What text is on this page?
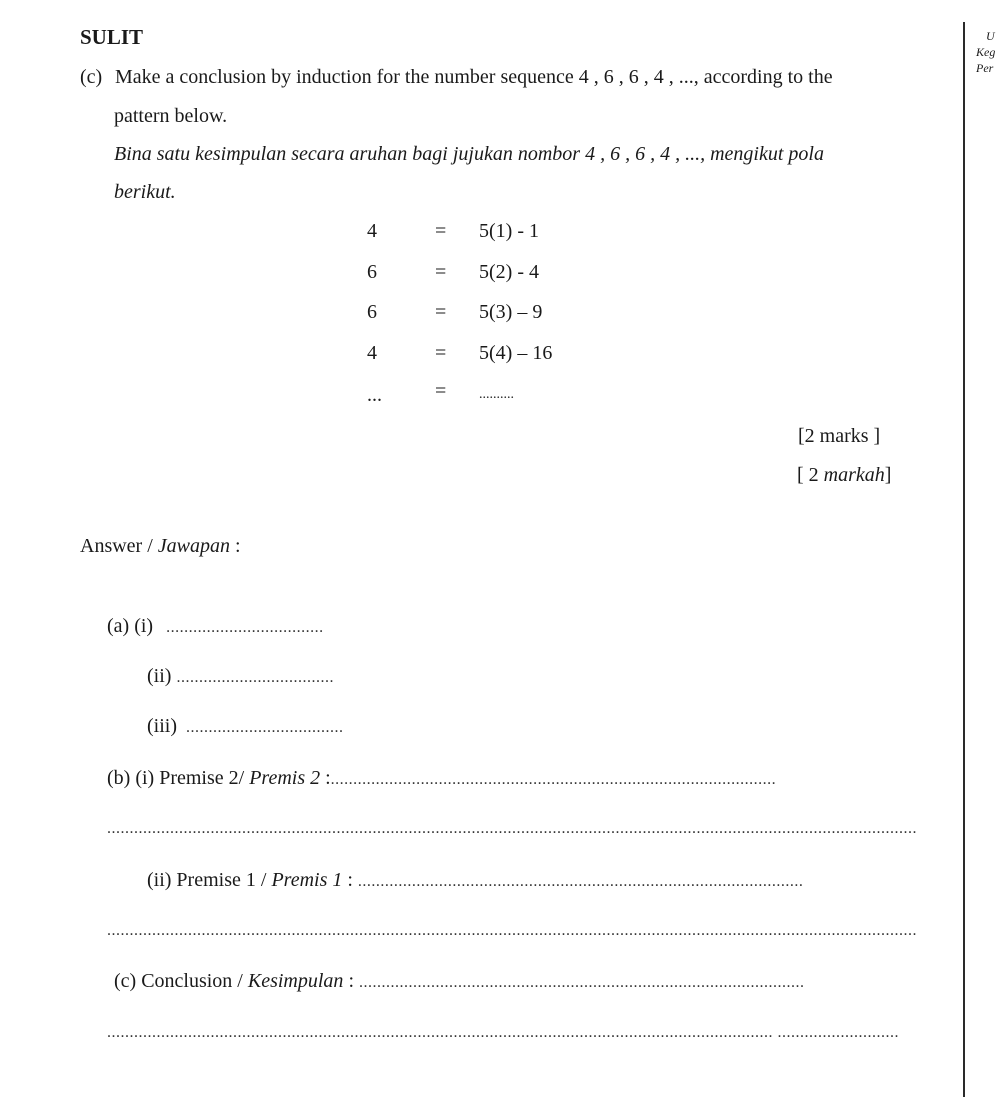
U
Keg
Per
SULIT
(c) Make a conclusion by induction for the number sequence 4 , 6 , 6 , 4 , ..., according to the
pattern below.
Bina satu kesimpulan secara aruhan bagi jujukan nombor 4 , 6 , 6 , 4 , ..., mengikut pola
berikut.
4	= 5(1) - 1
6	= 5(2) - 4
6	= 5(3) – 9
4	= 5(4) – 16
...	= ..........
[2 marks ]
[ 2 markah]
Answer / Jawapan :
(a) (i) ...................................
(ii) ...................................
(iii) ...................................
(b) (i) Premise 2/ Premis 2 :...................................................................................................
....................................................................................................................................................................................
(ii) Premise 1 / Premis 1 : ...................................................................................................
....................................................................................................................................................................................
(c) Conclusion / Kesimpulan : ...................................................................................................
.................................................................................................................................................... ...........................
